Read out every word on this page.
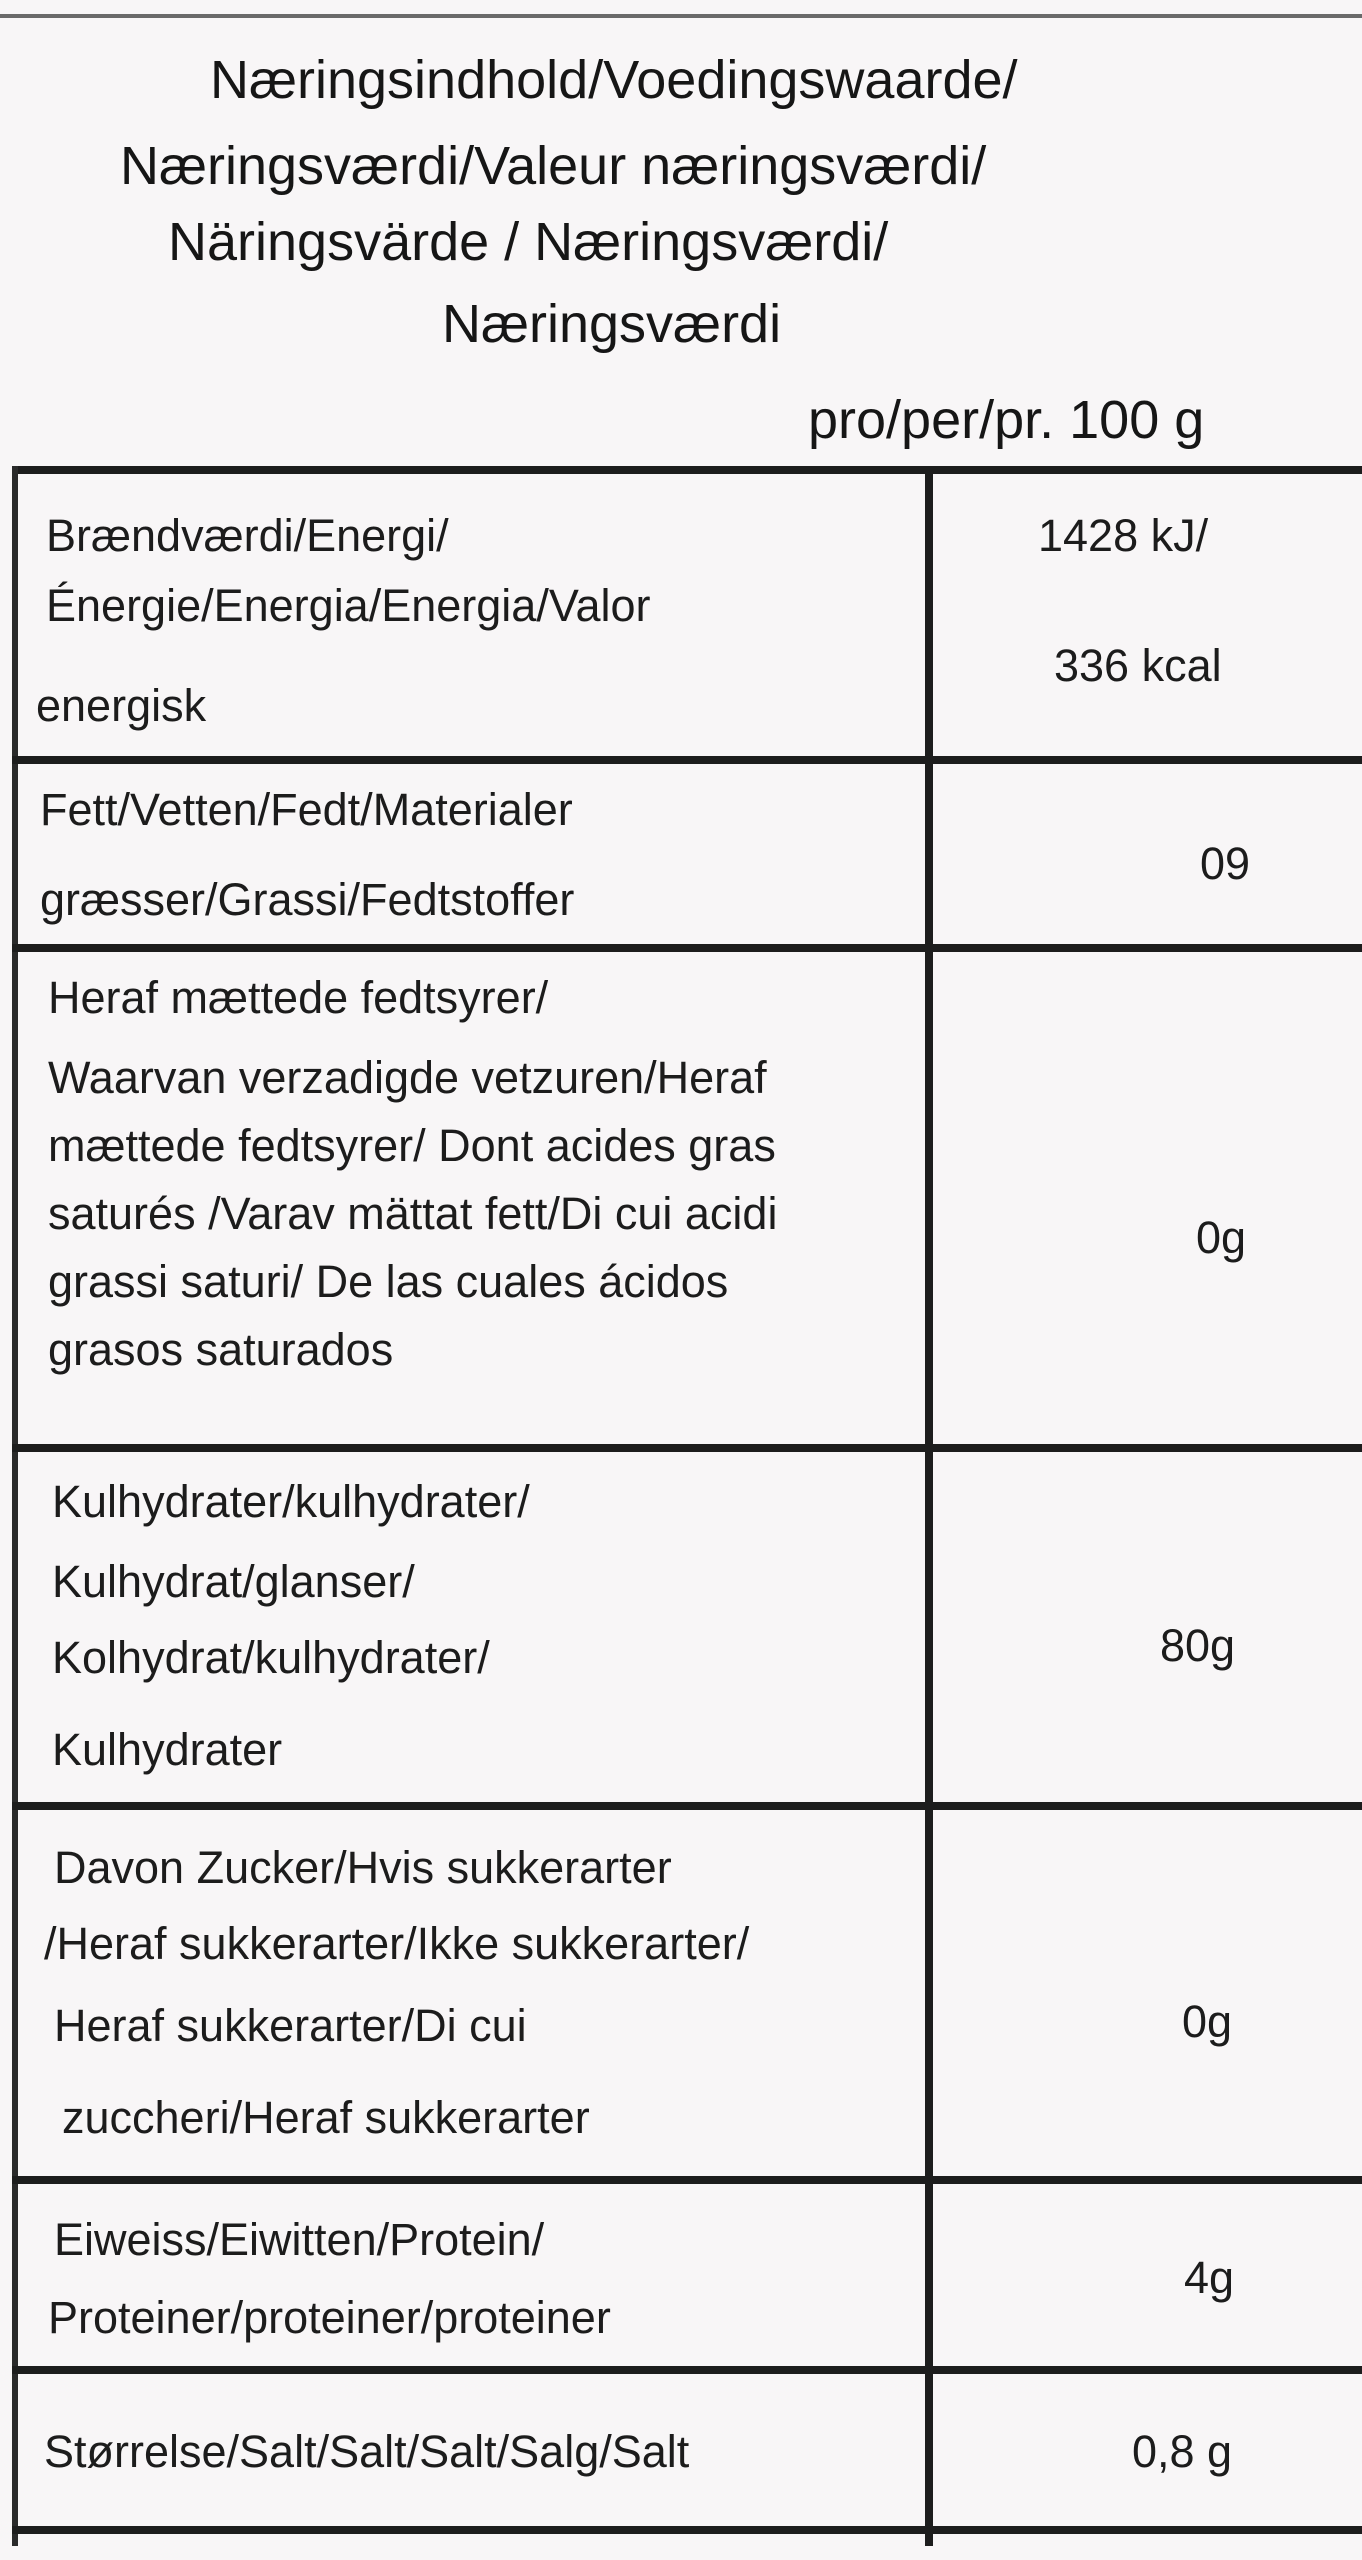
Næringsindhold/Voedingswaarde/
Næringsværdi/Valeur næringsværdi/
Näringsvärde / Næringsværdi/
Næringsværdi
pro/per/pr. 100 g
Brændværdi/Energi/
Énergie/Energia/Energia/Valor
energisk
1428 kJ/
336 kcal
Fett/Vetten/Fedt/Materialer
græsser/Grassi/Fedtstoffer
09
Heraf mættede fedtsyrer/
Waarvan verzadigde vetzuren/Heraf
mættede fedtsyrer/ Dont acides gras
saturés /Varav mättat fett/Di cui acidi
grassi saturi/ De las cuales ácidos
grasos saturados
0g
Kulhydrater/kulhydrater/
Kulhydrat/glanser/
Kolhydrat/kulhydrater/
Kulhydrater
80g
Davon Zucker/Hvis sukkerarter
/Heraf sukkerarter/Ikke sukkerarter/
Heraf sukkerarter/Di cui
zuccheri/Heraf sukkerarter
0g
Eiweiss/Eiwitten/Protein/
Proteiner/proteiner/proteiner
4g
Størrelse/Salt/Salt/Salt/Salg/Salt	0,8 g
